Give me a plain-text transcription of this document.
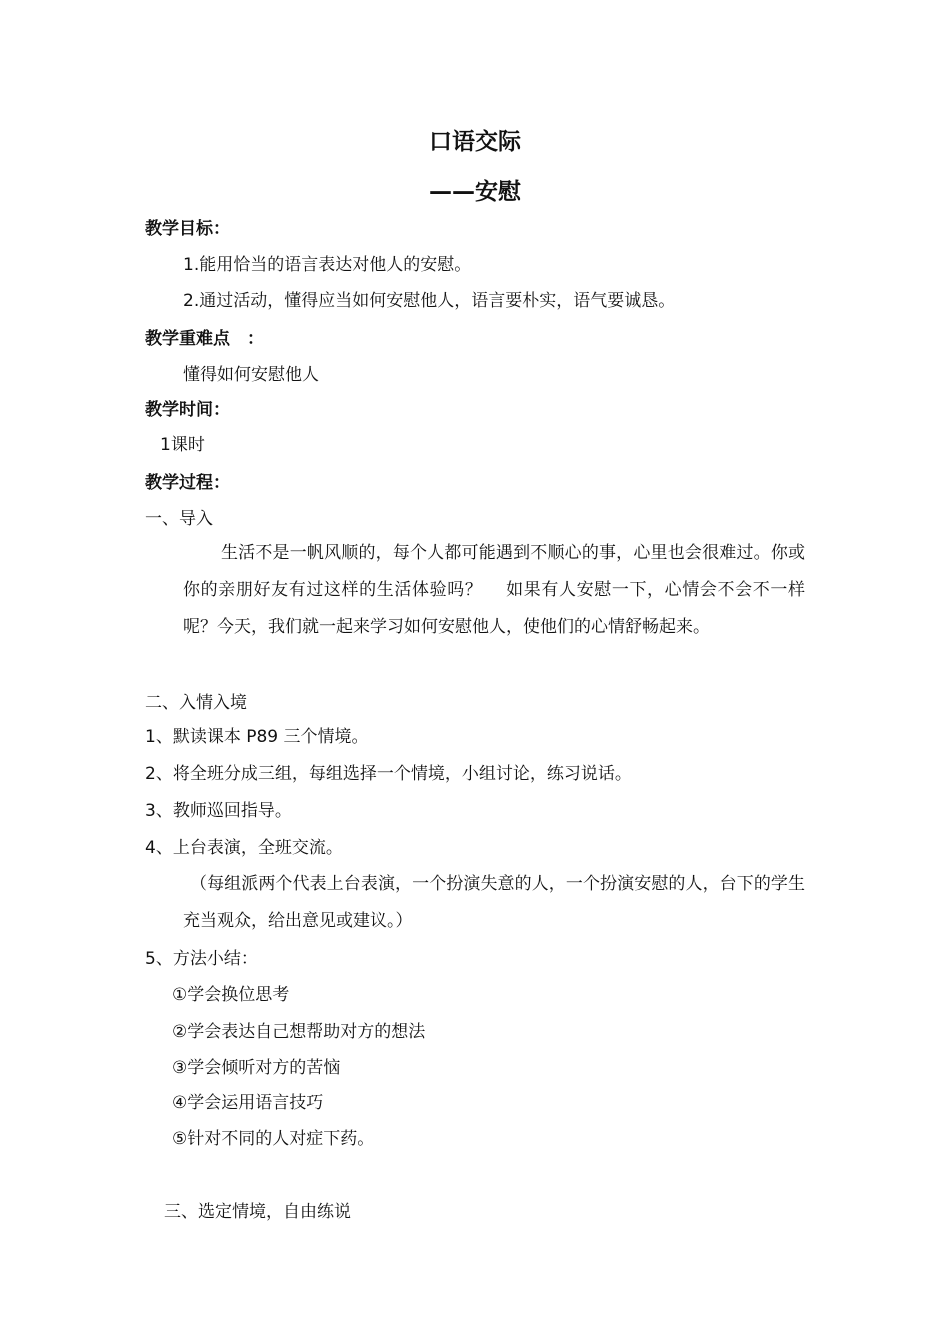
口语交际
——安慰
教学目标：
1.能用恰当的语言表达对他人的安慰。
2.通过活动，懂得应当如何安慰他人，语言要朴实，语气要诚恳。
教学重难点　：
懂得如何安慰他人
教学时间：
1课时
教学过程：
一、导入
生活不是一帆风顺的，每个人都可能遇到不顺心的事，心里也会很难过。你或你的亲朋好友有过这样的生活体验吗？　 如果有人安慰一下，心情会不会不一样呢？今天，我们就一起来学习如何安慰他人，使他们的心情舒畅起来。
二、入情入境
1、默读课本 P89 三个情境。
2、将全班分成三组，每组选择一个情境，小组讨论，练习说话。
3、教师巡回指导。
4、上台表演，全班交流。
（每组派两个代表上台表演，一个扮演失意的人，一个扮演安慰的人，台下的学生充当观众，给出意见或建议。）
5、方法小结：
①学会换位思考
②学会表达自己想帮助对方的想法
③学会倾听对方的苦恼
④学会运用语言技巧
⑤针对不同的人对症下药。
三、选定情境，自由练说
